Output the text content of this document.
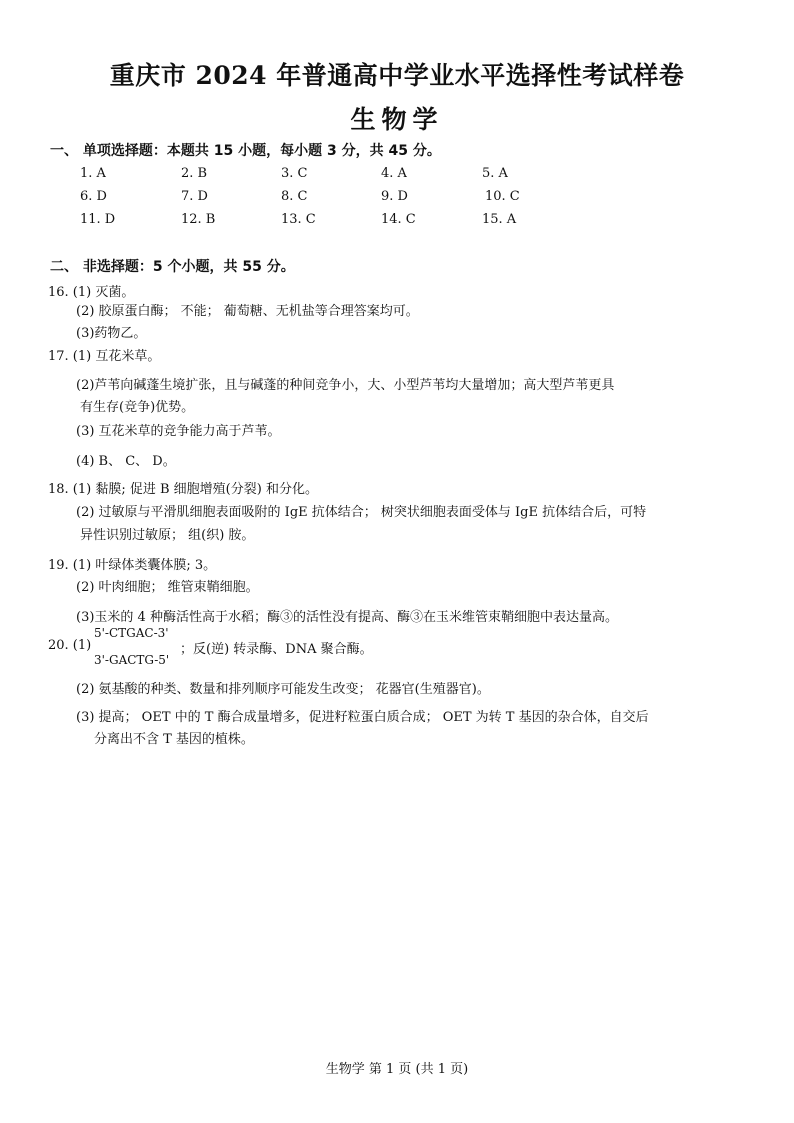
重庆市 2024 年普通高中学业水平选择性考试样卷
生物学
一、 单项选择题：本题共 15 小题，每小题 3 分，共 45 分。
1. A	2. B	3. C	4. A	5. A
6. D	7. D	8. C	9. D	10. C
11. D	12. B	13. C	14. C	15. A
二、 非选择题：5 个小题，共 55 分。
16. (1) 灭菌。
(2) 胶原蛋白酶； 不能； 葡萄糖、无机盐等合理答案均可。
(3)药物乙。
17. (1) 互花米草。
(2)芦苇向碱蓬生境扩张，且与碱蓬的种间竞争小，大、小型芦苇均大量增加；高大型芦苇更具
有生存(竞争)优势。
(3) 互花米草的竞争能力高于芦苇。
(4) B、 C、 D。
18. (1) 黏膜; 促进 B 细胞增殖(分裂) 和分化。
(2) 过敏原与平滑肌细胞表面吸附的 IgE 抗体结合； 树突状细胞表面受体与 IgE 抗体结合后，可特
异性识别过敏原； 组(织) 胺。
19. (1) 叶绿体类囊体膜; 3。
(2) 叶肉细胞； 维管束鞘细胞。
(3)玉米的 4 种酶活性高于水稻；酶③的活性没有提高、酶③在玉米维管束鞘细胞中表达量高。
20. (1)
5'-CTGAC-3'
3'-GACTG-5'
；反(逆) 转录酶、DNA 聚合酶。
(2) 氨基酸的种类、数量和排列顺序可能发生改变； 花器官(生殖器官)。
(3) 提高； OET 中的 T 酶合成量增多，促进籽粒蛋白质合成； OET 为转 T 基因的杂合体，自交后
分离出不含 T 基因的植株。
生物学 第 1 页 (共 1 页)
